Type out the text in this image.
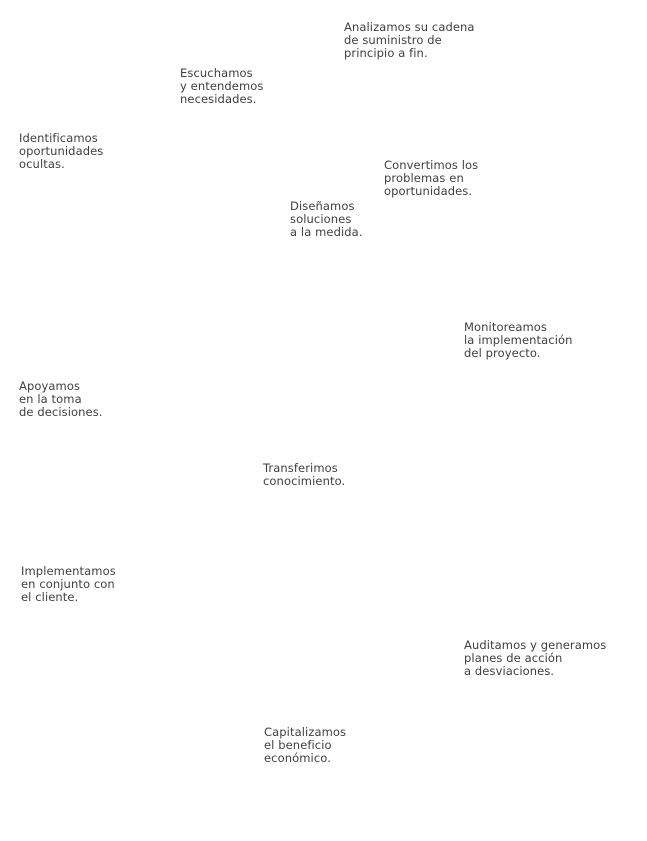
Analizamos su cadena
de suministro de
principio a fin.
Escuchamos
y entendemos
necesidades.
Identificamos
oportunidades
ocultas.	Convertimos los
problemas en
oportunidades.
Diseñamos
soluciones
a la medida.
Monitoreamos
la implementación
del proyecto.
Apoyamos
en la toma
de decisiones.
Transferimos
conocimiento.
Implementamos
en conjunto con
el cliente.
Auditamos y generamos
planes de acción
a desviaciones.
Capitalizamos
el beneficio
económico.
